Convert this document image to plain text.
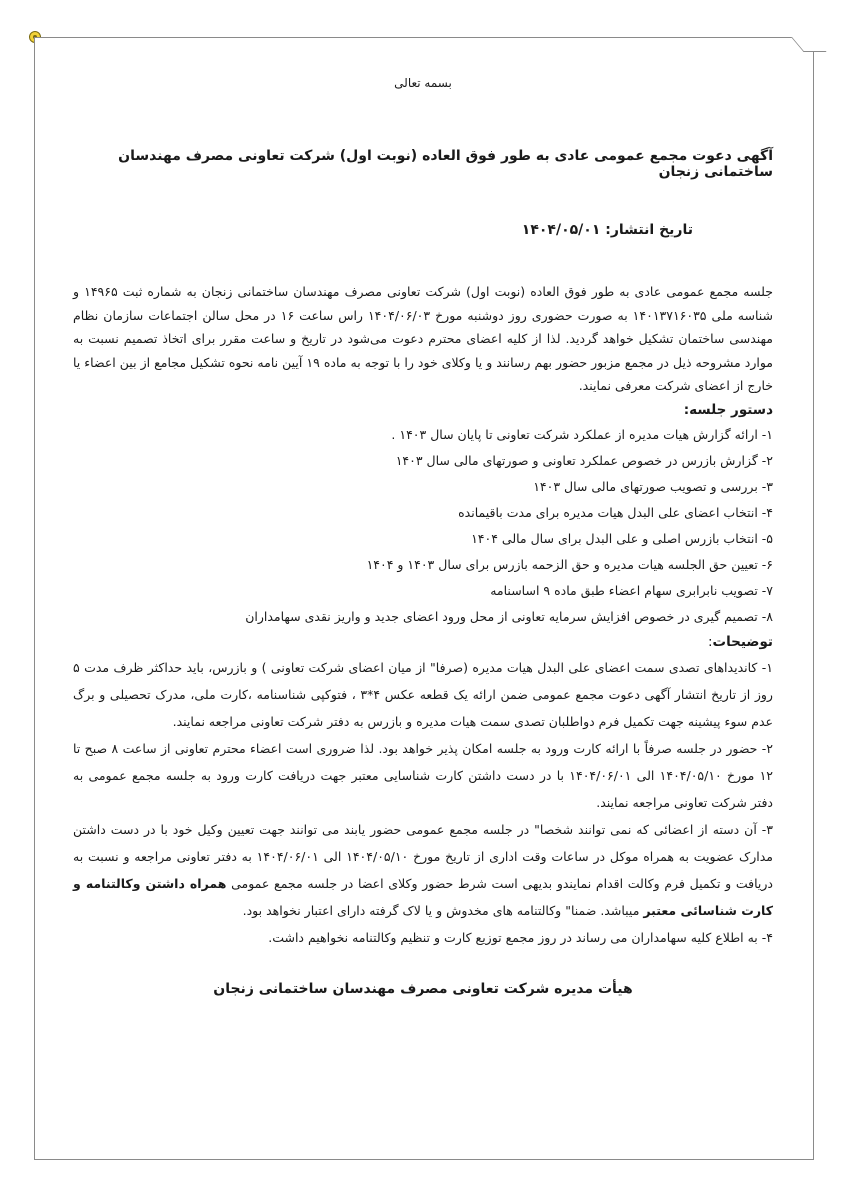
بسمه تعالی

آگهی دعوت مجمع عمومی عادی به طور فوق العاده (نوبت اول) شرکت تعاونی مصرف مهندسان ساختمانی زنجان

تاریخ انتشار: ۱۴۰۴/۰۵/۰۱

جلسه مجمع عمومی عادی به طور فوق العاده (نوبت اول) شرکت تعاونی مصرف مهندسان ساختمانی زنجان به شماره ثبت ۱۴۹۶۵ و شناسه ملی ۱۴۰۱۳۷۱۶۰۳۵ به صورت حضوری روز دوشنبه مورخ ۱۴۰۴/۰۶/۰۳ راس ساعت ۱۶ در محل سالن اجتماعات سازمان نظام مهندسی ساختمان تشکیل خواهد گردید. لذا از کلیه اعضای محترم دعوت می‌شود در تاریخ و ساعت مقرر برای اتخاذ تصمیم نسبت به موارد مشروحه ذیل در مجمع مزبور حضور بهم رسانند و یا وکلای خود را با توجه به ماده ۱۹ آیین نامه نحوه تشکیل مجامع از بین اعضاء یا خارج از اعضای شرکت معرفی نمایند.

دستور جلسه:

۱- ارائه گزارش هیات مدیره از عملکرد شرکت تعاونی تا پایان سال ۱۴۰۳ .
۲- گزارش بازرس در خصوص عملکرد تعاونی و صورتهای مالی سال ۱۴۰۳
۳- بررسی و تصویب صورتهای مالی سال ۱۴۰۳
۴- انتخاب اعضای علی البدل هیات مدیره برای مدت باقیمانده
۵- انتخاب بازرس اصلی و علی البدل برای سال مالی ۱۴۰۴
۶- تعیین حق الجلسه هیات مدیره و حق الزحمه بازرس برای سال ۱۴۰۳ و ۱۴۰۴
۷- تصویب نابرابری سهام اعضاء طبق ماده ۹ اساسنامه
۸- تصمیم گیری در خصوص افزایش سرمایه تعاونی از محل ورود اعضای جدید و واریز نقدی سهامداران

توضیحات:

۱- کاندیداهای تصدی سمت اعضای علی البدل هیات مدیره (صرفا" از میان اعضای شرکت تعاونی ) و بازرس، باید حداکثر ظرف مدت ۵ روز از تاریخ انتشار آگهی دعوت مجمع عمومی ضمن ارائه یک قطعه عکس ۴*۳ ، فتوکپی شناسنامه ،کارت ملی، مدرک تحصیلی و برگ عدم سوء پیشینه جهت تکمیل فرم دواطلبان تصدی سمت هیات مدیره و بازرس به دفتر شرکت تعاونی مراجعه نمایند.

۲- حضور در جلسه صرفاً با ارائه کارت ورود به جلسه امکان پذیر خواهد بود. لذا ضروری است اعضاء محترم تعاونی از ساعت ۸ صبح تا ۱۲ مورخ ۱۴۰۴/۰۵/۱۰ الی ۱۴۰۴/۰۶/۰۱ با در دست داشتن کارت شناسایی معتبر جهت دریافت کارت ورود به جلسه مجمع عمومی به دفتر شرکت تعاونی مراجعه نمایند.

۳- آن دسته از اعضائی که نمی توانند شخصا" در جلسه مجمع عمومی حضور یابند می توانند جهت تعیین وکیل خود با در دست داشتن مدارک عضویت به همراه موکل در ساعات وقت اداری از تاریخ مورخ ۱۴۰۴/۰۵/۱۰ الی ۱۴۰۴/۰۶/۰۱ به دفتر تعاونی مراجعه و نسبت به دریافت و تکمیل فرم وکالت اقدام نمایندو بدیهی است شرط حضور وکلای اعضا در جلسه مجمع عمومی همراه داشتن وکالتنامه و کارت شناسائی معتبر میباشد. ضمنا" وکالتنامه های مخدوش و یا لاک گرفته دارای اعتبار نخواهد بود.

۴- به اطلاع کلیه سهامداران می رساند در روز مجمع توزیع کارت و تنظیم وکالتنامه نخواهیم داشت.

هیأت مدیره شرکت تعاونی مصرف مهندسان ساختمانی زنجان
